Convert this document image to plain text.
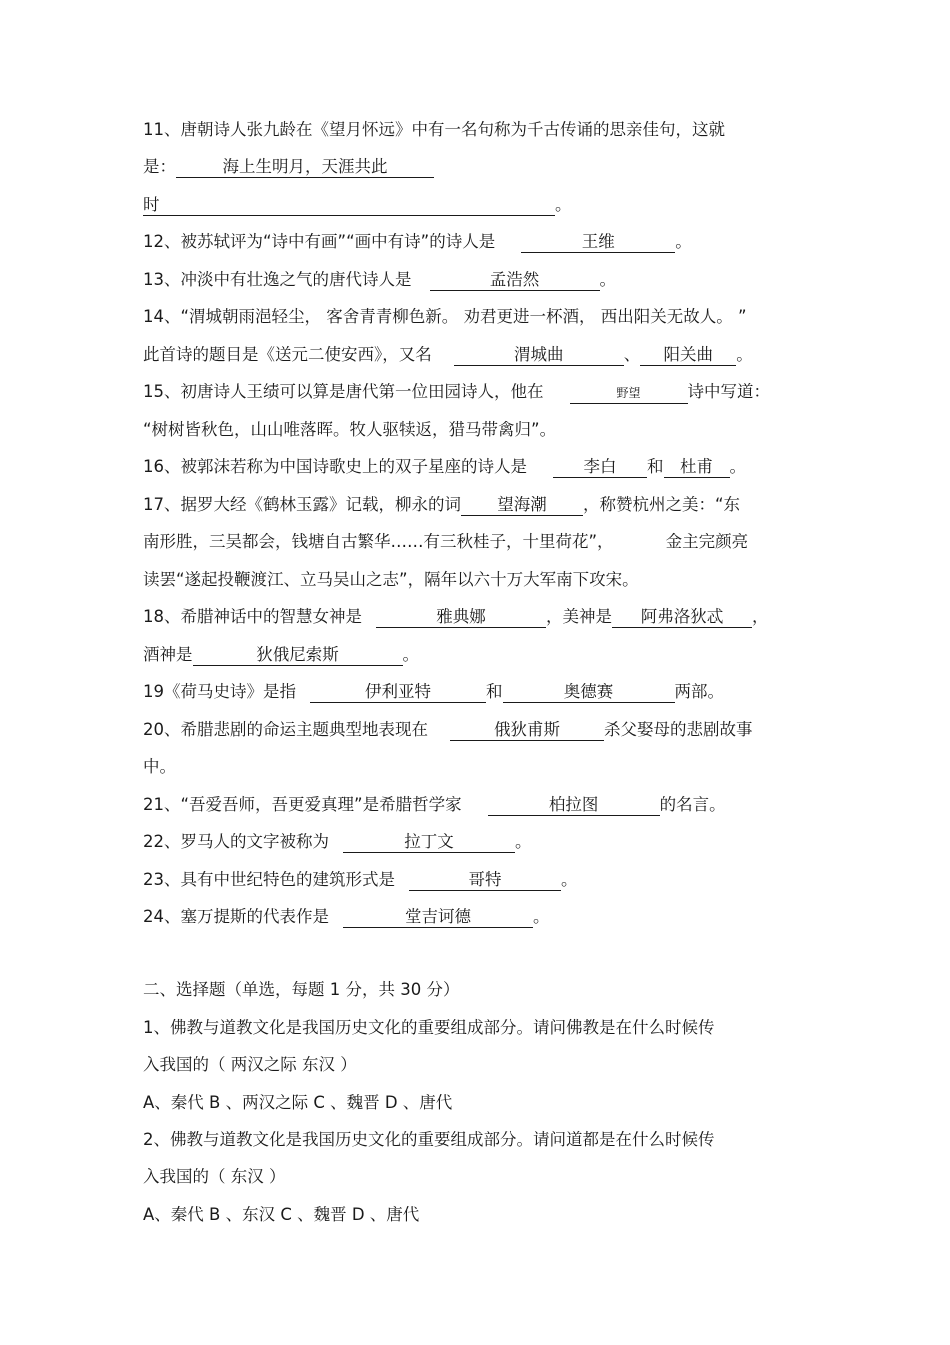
11、唐朝诗人张九龄在《望月怀远》中有一名句称为千古传诵的思亲佳句，这就
是：	海上生明月，天涯共此
时	。
12、被苏轼评为“诗中有画”“画中有诗”的诗人是	王维	。
13、冲淡中有壮逸之气的唐代诗人是	孟浩然	。
14、“渭城朝雨浥轻尘， 客舍青青柳色新。 劝君更进一杯酒， 西出阳关无故人。 ”
此首诗的题目是《送元二使安西》，又名	渭城曲	、 阳关曲 。
15、初唐诗人王绩可以算是唐代第一位田园诗人，他在	野望	诗中写道：
“树树皆秋色，山山唯落晖。牧人驱犊返，猎马带禽归”。
16、被郭沫若称为中国诗歌史上的双子星座的诗人是	李白 和 杜甫 。
17、据罗大经《鹤林玉露》记载，柳永的词 望海潮 ，称赞杭州之美：“东
南形胜，三吴都会，钱塘自古繁华……有三秋桂子，十里荷花”，	金主完颜亮
读罢“遂起投鞭渡江、立马吴山之志”，隔年以六十万大军南下攻宋。
18、希腊神话中的智慧女神是	雅典娜	，美神是 阿弗洛狄忒 ，
酒神是	狄俄尼索斯	。
19《荷马史诗》是指	伊利亚特	和	奥德赛	两部。
20、希腊悲剧的命运主题典型地表现在	俄狄甫斯	杀父娶母的悲剧故事
中。
21、“吾爱吾师，吾更爱真理”是希腊哲学家	柏拉图	的名言。
22、罗马人的文字被称为	拉丁文	。
23、具有中世纪特色的建筑形式是	哥特	。
24、塞万提斯的代表作是	堂吉诃德	。
二、选择题（单选，每题 1 分，共 30 分）
1、佛教与道教文化是我国历史文化的重要组成部分。请问佛教是在什么时候传
入我国的（ 两汉之际 东汉 ）
A、秦代 B 、两汉之际 C 、魏晋 D 、唐代
2、佛教与道教文化是我国历史文化的重要组成部分。请问道都是在什么时候传
入我国的（ 东汉 ）
A、秦代 B 、东汉 C 、魏晋 D 、唐代
